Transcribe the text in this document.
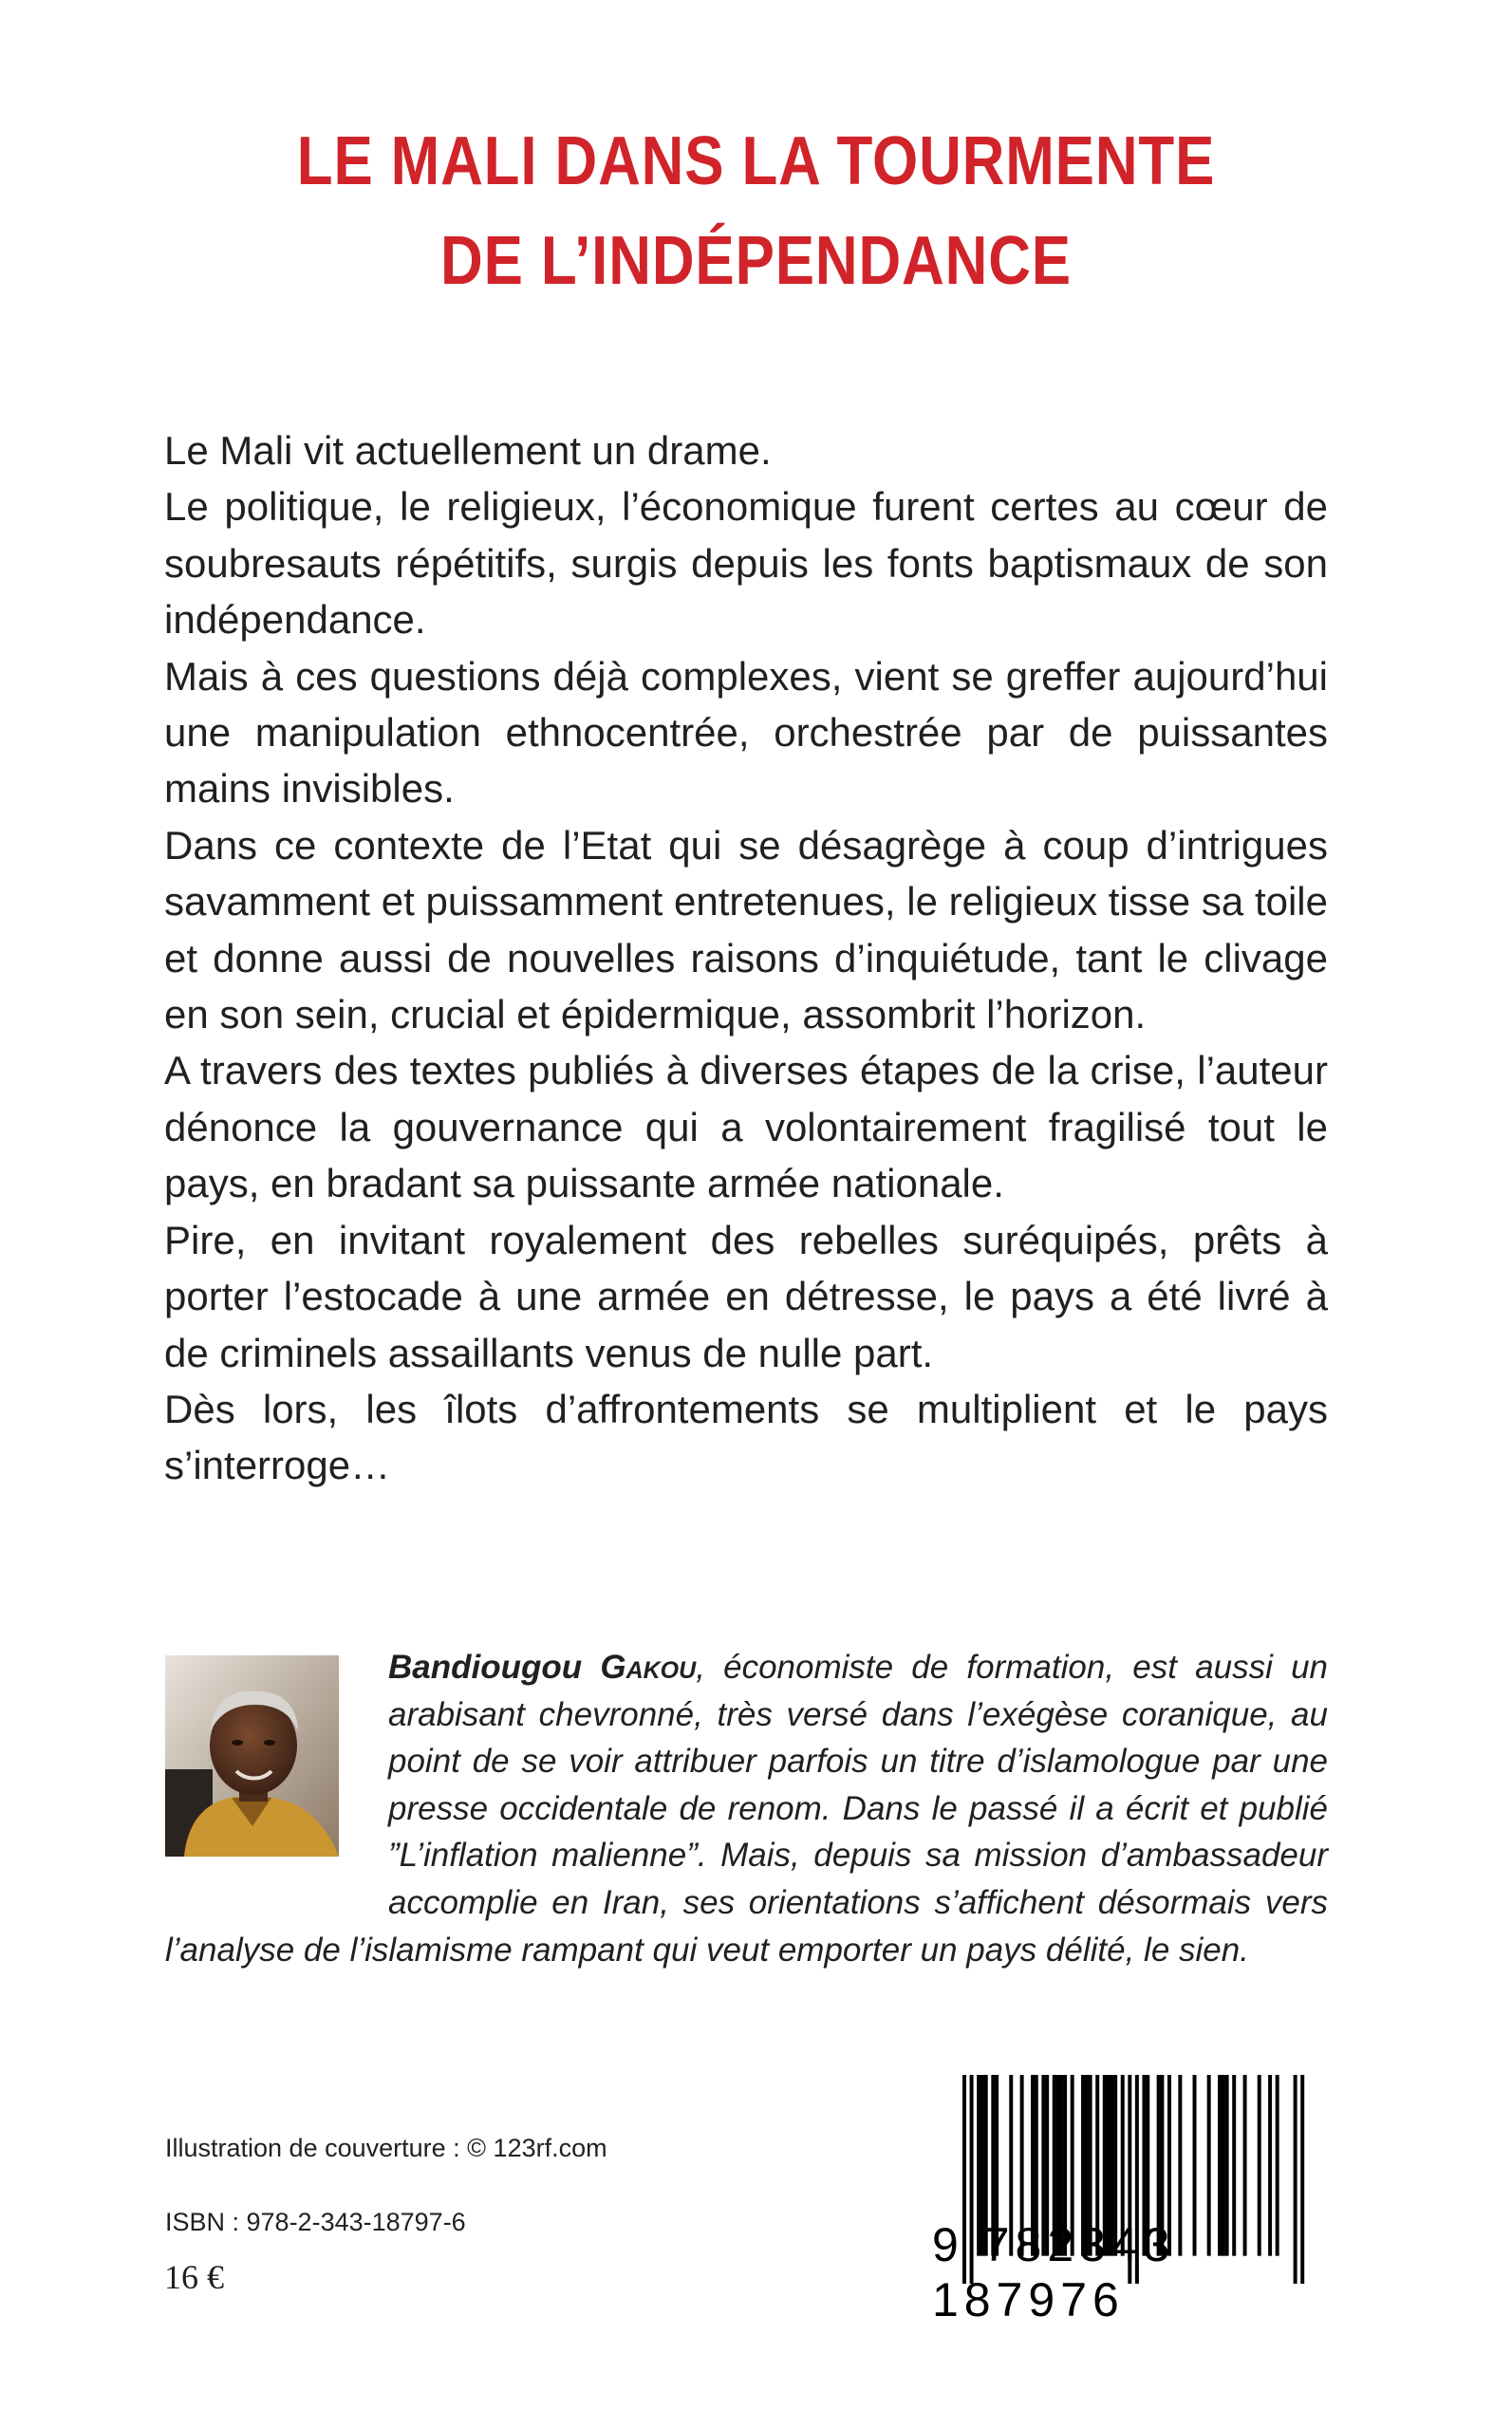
LE MALI DANS LA TOURMENTE
DE L’INDÉPENDANCE

Le Mali vit actuellement un drame.

Le politique, le religieux, l’économique furent certes au cœur de soubresauts répétitifs, surgis depuis les fonts baptismaux de son indépendance.

Mais à ces questions déjà complexes, vient se greffer aujourd’hui une manipulation ethnocentrée, orchestrée par de puissantes mains invisibles.

Dans ce contexte de l’Etat qui se désagrège à coup d’intrigues savamment et puissamment entretenues, le religieux tisse sa toile et donne aussi de nouvelles raisons d’inquiétude, tant le clivage en son sein, crucial et épidermique, assombrit l’horizon.

A travers des textes publiés à diverses étapes de la crise, l’auteur dénonce la gouvernance qui a volontairement fragilisé tout le pays, en bradant sa puissante armée nationale.

Pire, en invitant royalement des rebelles suréquipés, prêts à porter l’estocade à une armée en détresse, le pays a été livré à de criminels assaillants venus de nulle part.

Dès lors, les îlots d’affrontements se multiplient et le pays s’interroge…

Bandiougou Gakou, économiste de formation, est aussi un arabisant chevronné, très versé dans l’exégèse coranique, au point de se voir attribuer parfois un titre d’islamologue par une presse occidentale de renom. Dans le passé il a écrit et publié ”L’inflation malienne”. Mais, depuis sa mission d’ambassadeur accomplie en Iran, ses orientations s’affichent désormais vers l’analyse de l’islamisme rampant qui veut emporter un pays délité, le sien.
Illustration de couverture : © 123rf.com
ISBN : 978-2-343-18797-6
16 €
9 782343 187976
